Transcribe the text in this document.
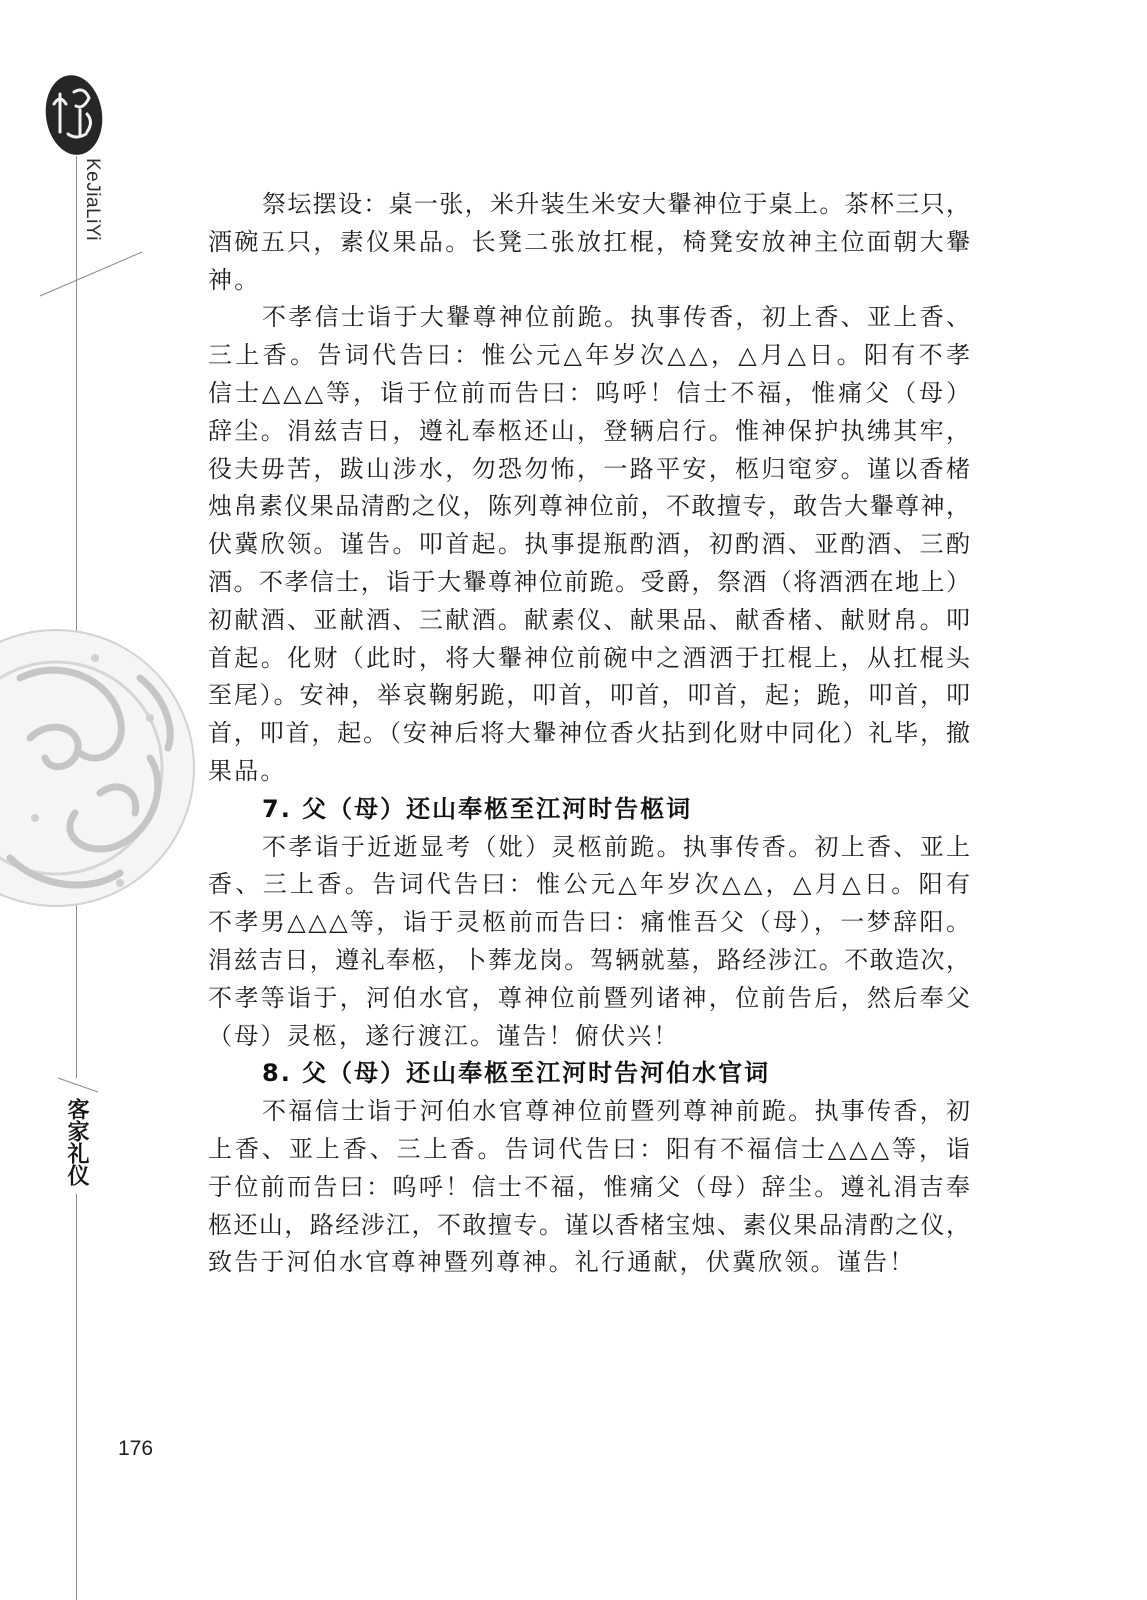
KeJiaLiYi
客家礼仪
176
祭坛摆设：桌一张，米升装生米安大轝神位于桌上。茶杯三只，
酒碗五只，素仪果品。长凳二张放扛棍，椅凳安放神主位面朝大轝
神。
不孝信士诣于大轝尊神位前跪。执事传香，初上香、亚上香、
三上香。告词代告曰：惟公元△年岁次△△，△月△日。阳有不孝
信士△△△等，诣于位前而告曰：呜呼！信士不福，惟痛父（母）
辞尘。涓兹吉日，遵礼奉柩还山，登辆启行。惟神保护执绋其牢，
役夫毋苦，跋山涉水，勿恐勿怖，一路平安，柩归窀穸。谨以香楮
烛帛素仪果品清酌之仪，陈列尊神位前，不敢擅专，敢告大轝尊神，
伏冀欣领。谨告。叩首起。执事提瓶酌酒，初酌酒、亚酌酒、三酌
酒。不孝信士，诣于大轝尊神位前跪。受爵，祭酒（将酒洒在地上）
初献酒、亚献酒、三献酒。献素仪、献果品、献香楮、献财帛。叩
首起。化财（此时，将大轝神位前碗中之酒洒于扛棍上，从扛棍头
至尾）。安神，举哀鞠躬跪，叩首，叩首，叩首，起；跪，叩首，叩
首，叩首，起。（安神后将大轝神位香火拈到化财中同化）礼毕，撤
果品。
7. 父（母）还山奉柩至江河时告柩词
不孝诣于近逝显考（妣）灵柩前跪。执事传香。初上香、亚上
香、三上香。告词代告曰：惟公元△年岁次△△，△月△日。阳有
不孝男△△△等，诣于灵柩前而告曰：痛惟吾父（母），一梦辞阳。
涓兹吉日，遵礼奉柩，卜葬龙岗。驾辆就墓，路经涉江。不敢造次，
不孝等诣于，河伯水官，尊神位前暨列诸神，位前告后，然后奉父
（母）灵柩，遂行渡江。谨告！俯伏兴！
8. 父（母）还山奉柩至江河时告河伯水官词
不福信士诣于河伯水官尊神位前暨列尊神前跪。执事传香，初
上香、亚上香、三上香。告词代告曰：阳有不福信士△△△等，诣
于位前而告曰：呜呼！信士不福，惟痛父（母）辞尘。遵礼涓吉奉
柩还山，路经涉江，不敢擅专。谨以香楮宝烛、素仪果品清酌之仪，
致告于河伯水官尊神暨列尊神。礼行通献，伏冀欣领。谨告！
